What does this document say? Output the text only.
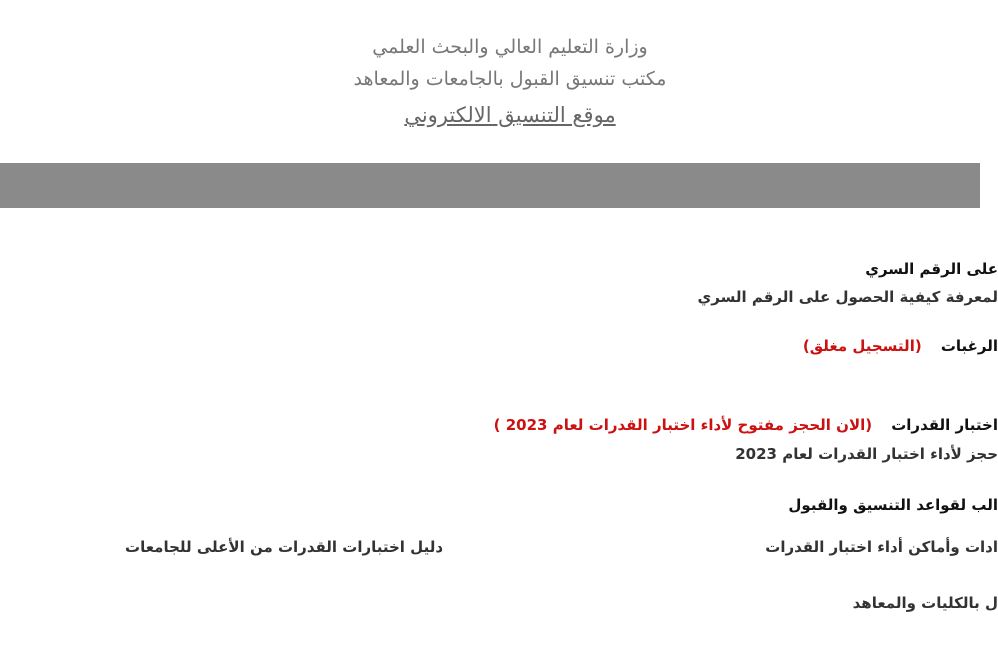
وزارة التعليم العالي والبحث العلمي
مكتب تنسيق القبول بالجامعات والمعاهد
موقع التنسيق الالكتروني
على الرقم السري
لمعرفة كيفية الحصول على الرقم السري
الرغبات    (التسجيل مغلق)
اختبار القدرات    (الان الحجز مفتوح لأداء اختبار القدرات لعام 2023 )
حجز لأداء اختبار القدرات لعام 2023
الب لقواعد التنسيق والقبول
ادات وأماكن أداء اختبار القدرات
دليل اختبارات القدرات من الأعلى للجامعات
ل بالكليات والمعاهد
